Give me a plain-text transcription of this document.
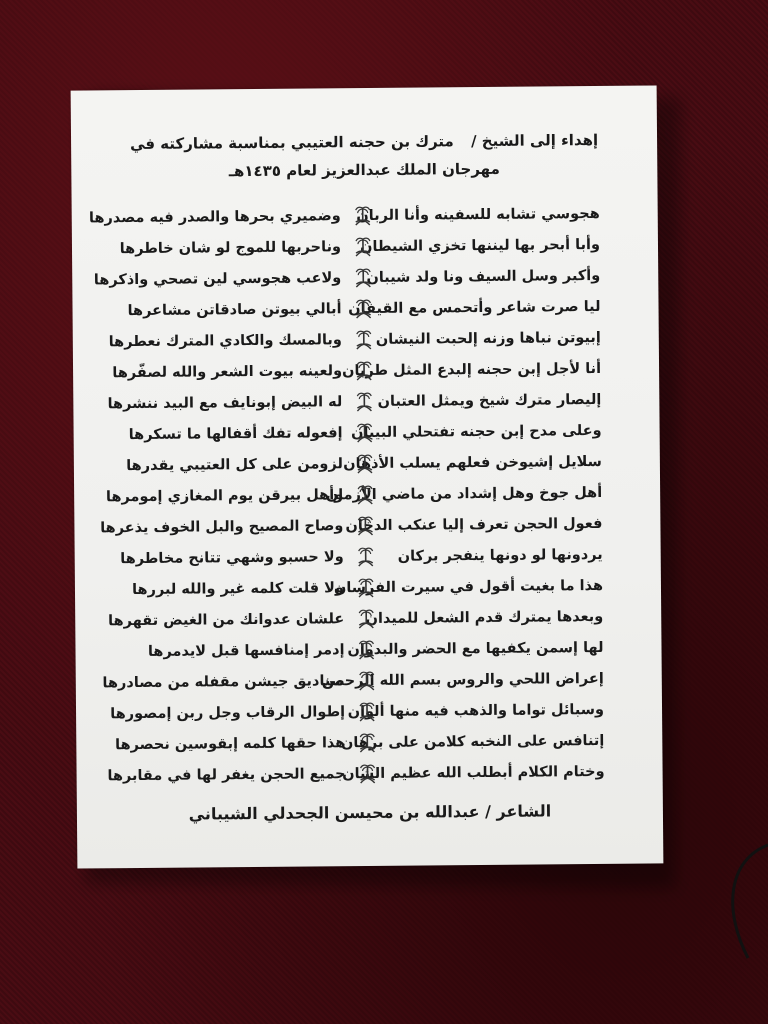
إهداء إلى الشيخ / مترك بن حجنه العتيبي بمناسبة مشاركته في
مهرجان الملك عبدالعزيز لعام ١٤٣٥هـ
هجوسي تشابه للسفينه وأنا الربان
وضميري بحرها والصدر فيه مصدرها
وأبا أبحر بها ليننها تخزي الشيطان
وناحربها للموج لو شان خاطرها
وأكبر وسل السيف ونا ولد شيبان
ولاعب هجوسي لين تصحي واذكرها
ليا صرت شاعر وأتحمس مع القيفان
أبالي بيوتن صادقاتن مشاعرها
إبيوتن نباها وزنه إلحبت النيشان
وبالمسك والكادي المترك نعطرها
أنا لأجل إبن حجنه إلبدع المثل طربان
ولعينه بيوت الشعر والله لصفّرها
إليصار مترك شيخ ويمثل العتبان
له البيض إبونايف مع البيد ننشرها
وعلى مدح إبن حجنه تفتحلي البيبان
إفعوله تفك أقفالها ما تسكرها
سلايل إشيوخن فعلهم يسلب الأذهان
لزومن على كل العتيبي يقدرها
أهل جوخ وهل إشداد من ماضي الأزمان
وأهل بيرقن يوم المغازي إمومرها
فعول الحجن تعرف إليا عنكب الدخان
وصاح المصيح والبل الخوف يذعرها
يردونها لو دونها ينفجر بركان
ولا حسبو وشهي تتانح مخاطرها
هذا ما بغيت أقول في سيرت الفرسان
ولا قلت كلمه غير والله لبررها
وبعدها يمترك قدم الشعل للميدان
علشان عدوانك من الغيض تقهرها
لها إسمن يكفيها مع الحضر والبدوان
إدمر إمنافسها قبل لايدمرها
إعراض اللحي والروس بسم الله الرحمن
صناديق جيشن مقفله من مصادرها
وسبائل تواما والذهب فيه منها ألوان
إطوال الرقاب وجل ربن إمصورها
إتنافس على النخبه كلامن على برهان
هذا حقها كلمه إبقوسين نحصرها
وختام الكلام أبطلب الله عظيم الشان
جميع الحجن يغفر لها في مقابرها
الشاعر / عبدالله بن محيسن الجحدلي الشيباني
